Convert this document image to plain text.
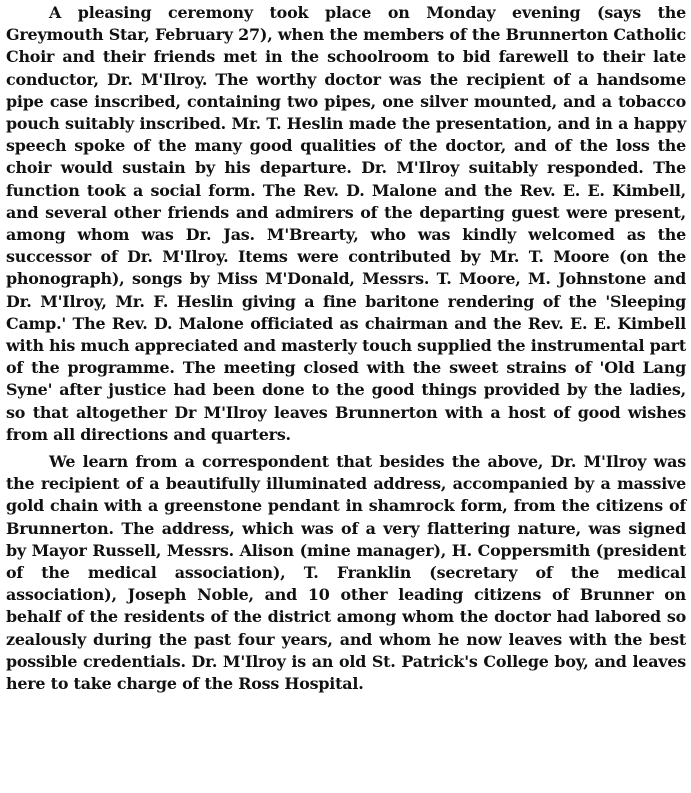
A pleasing ceremony took place on Monday evening (says the Greymouth Star, February 27), when the members of the Brunnerton Catholic Choir and their friends met in the schoolroom to bid farewell to their late conductor, Dr. M'Ilroy. The worthy doctor was the recipient of a handsome pipe case inscribed, containing two pipes, one silver mounted, and a tobacco pouch suitably inscribed. Mr. T. Heslin made the presentation, and in a happy speech spoke of the many good qualities of the doctor, and of the loss the choir would sustain by his departure. Dr. M'Ilroy suitably responded. The function took a social form. The Rev. D. Malone and the Rev. E. E. Kimbell, and several other friends and admirers of the departing guest were present, among whom was Dr. Jas. M'Brearty, who was kindly welcomed as the successor of Dr. M'Ilroy. Items were contributed by Mr. T. Moore (on the phonograph), songs by Miss M'Donald, Messrs. T. Moore, M. Johnstone and Dr. M'Ilroy, Mr. F. Heslin giving a fine baritone rendering of the 'Sleeping Camp.' The Rev. D. Malone officiated as chairman and the Rev. E. E. Kimbell with his much appreciated and masterly touch supplied the instrumental part of the programme. The meeting closed with the sweet strains of 'Old Lang Syne' after justice had been done to the good things provided by the ladies, so that altogether Dr M'Ilroy leaves Brunnerton with a host of good wishes from all directions and quarters.

We learn from a correspondent that besides the above, Dr. M'Ilroy was the recipient of a beautifully illuminated address, accompanied by a massive gold chain with a greenstone pendant in shamrock form, from the citizens of Brunnerton. The address, which was of a very flattering nature, was signed by Mayor Russell, Messrs. Alison (mine manager), H. Coppersmith (president of the medical association), T. Franklin (secretary of the medical association), Joseph Noble, and 10 other leading citizens of Brunner on behalf of the residents of the district among whom the doctor had labored so zealously during the past four years, and whom he now leaves with the best possible credentials. Dr. M'Ilroy is an old St. Patrick's College boy, and leaves here to take charge of the Ross Hospital.
